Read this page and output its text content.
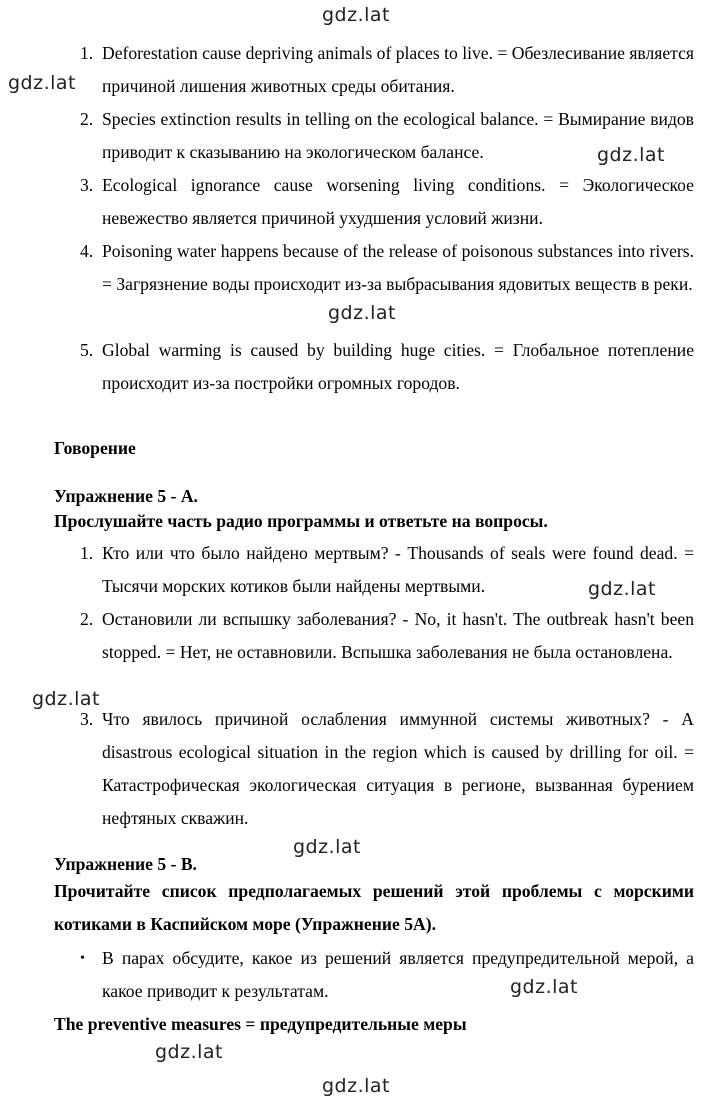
gdz.lat
gdz.lat
gdz.lat
gdz.lat
gdz.lat
gdz.lat
gdz.lat
gdz.lat
gdz.lat
gdz.lat
1. Deforestation cause depriving animals of places to live. = Обезлесивание является причиной лишения животных среды обитания.
2. Species extinction results in telling on the ecological balance. = Вымирание видов приводит к сказыванию на экологическом балансе.
3. Ecological ignorance cause worsening living conditions. = Экологическое невежество является причиной ухудшения условий жизни.
4. Poisoning water happens because of the release of poisonous substances into rivers. = Загрязнение воды происходит из-за выбрасывания ядовитых веществ в реки.
5. Global warming is caused by building huge cities. = Глобальное потепление происходит из-за постройки огромных городов.
Говорение
Упражнение 5 - А.
Прослушайте часть радио программы и ответьте на вопросы.
1. Кто или что было найдено мертвым? - Thousands of seals were found dead. = Тысячи морских котиков были найдены мертвыми.
2. Остановили ли вспышку заболевания? - No, it hasn't. The outbreak hasn't been stopped. = Нет, не оставновили. Вспышка заболевания не была остановлена.
3. Что явилось причиной ослабления иммунной системы животных? - A disastrous ecological situation in the region which is caused by drilling for oil. = Катастрофическая экологическая ситуация в регионе, вызванная бурением нефтяных скважин.
Упражнение 5 - В.
Прочитайте список предполагаемых решений этой проблемы с морскими котиками в Каспийском море (Упражнение 5А).
• В парах обсудите, какое из решений является предупредительной мерой, а какое приводит к результатам.
The preventive measures = предупредительные меры
